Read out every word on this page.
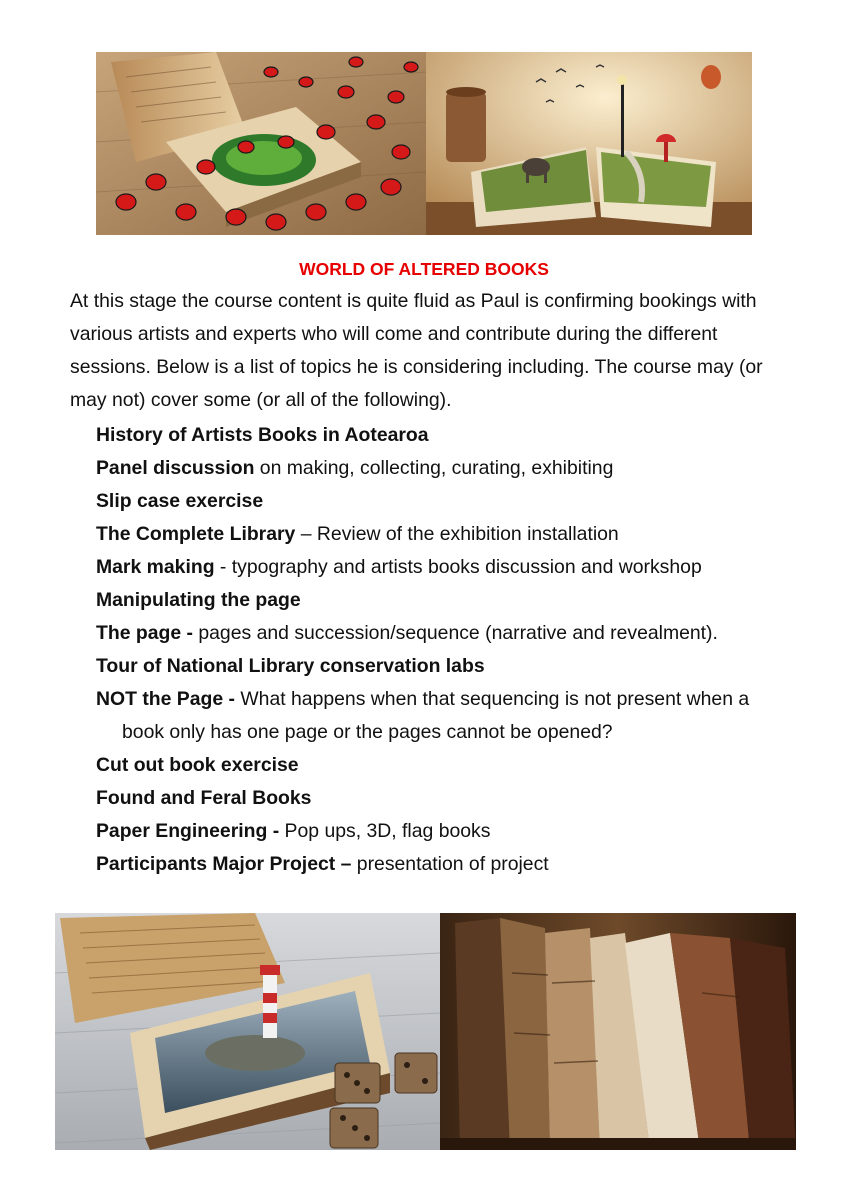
WORLD OF ALTERED BOOKS

At this stage the course content is quite fluid as Paul is confirming bookings with various artists and experts who will come and contribute during the different sessions. Below is a list of topics he is considering including. The course may (or may not) cover some (or all of the following).

History of Artists Books in Aotearoa
Panel discussion on making, collecting, curating, exhibiting
Slip case exercise
The Complete Library – Review of the exhibition installation
Mark making - typography and artists books discussion and workshop
Manipulating the page
The page - pages and succession/sequence (narrative and revealment).
Tour of National Library conservation labs
NOT the Page - What happens when that sequencing is not present when a book only has one page or the pages cannot be opened?
Cut out book exercise
Found and Feral Books
Paper Engineering - Pop ups, 3D, flag books
Participants Major Project – presentation of project
